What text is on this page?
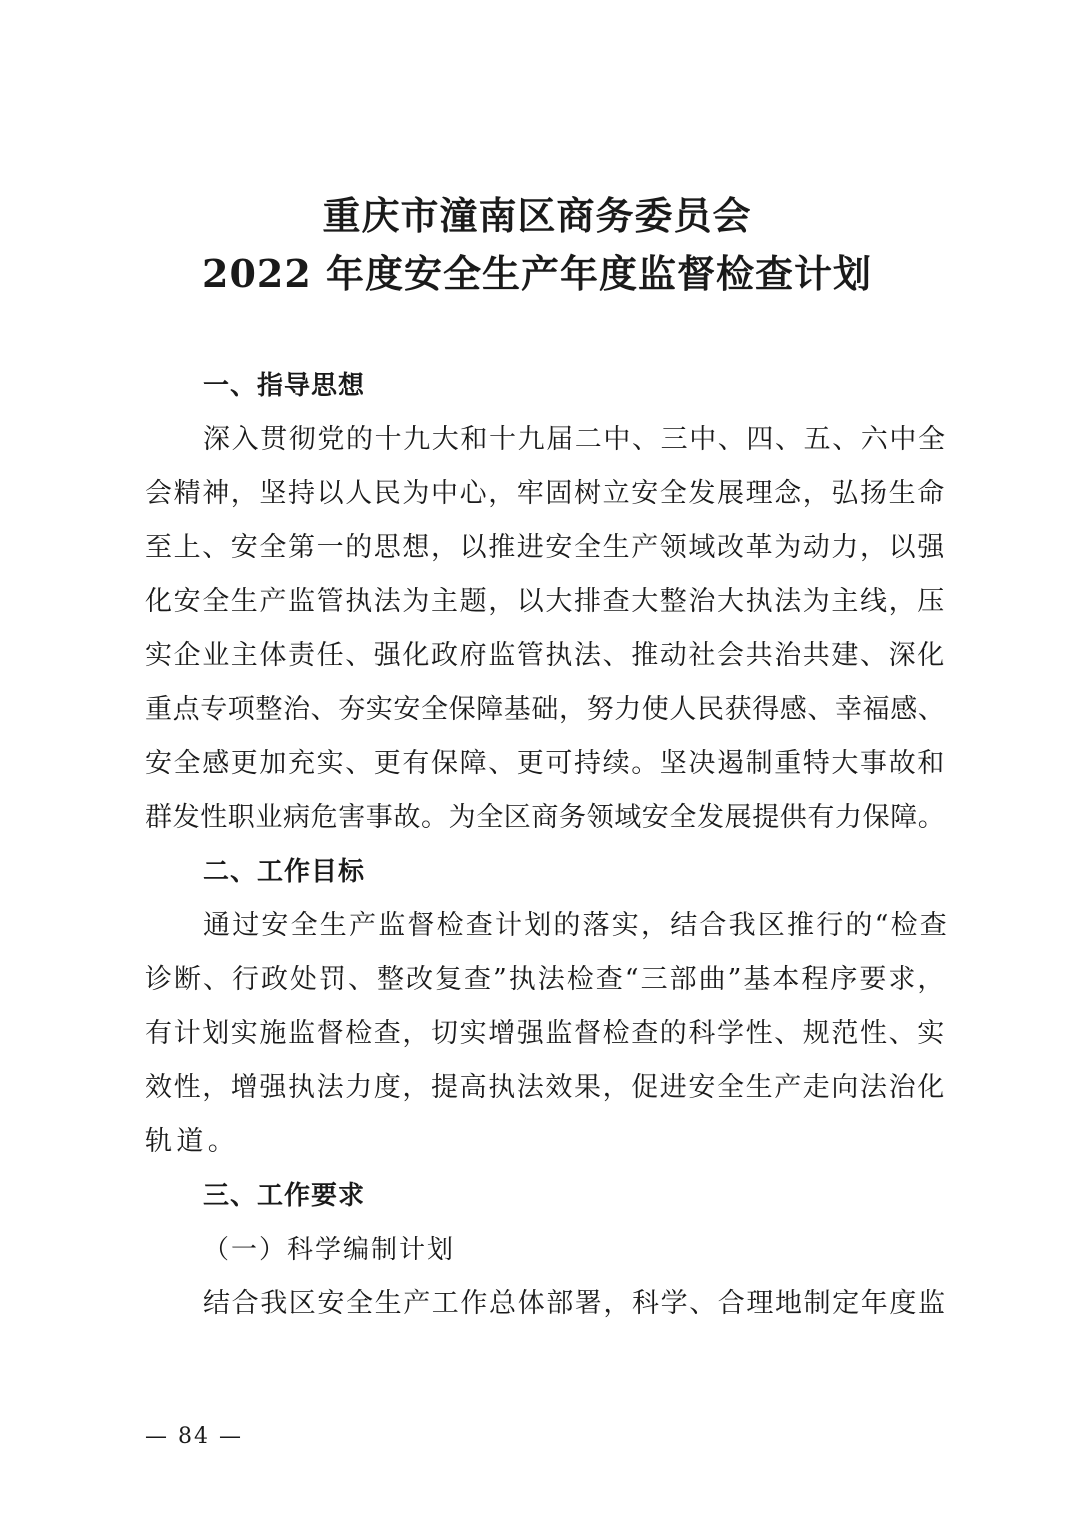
重庆市潼南区商务委员会
2022 年度安全生产年度监督检查计划
一、指导思想
深入贯彻党的十九大和十九届二中、三中、四、五、六中全
会精神，坚持以人民为中心，牢固树立安全发展理念，弘扬生命
至上、安全第一的思想，以推进安全生产领域改革为动力，以强
化安全生产监管执法为主题，以大排查大整治大执法为主线，压
实企业主体责任、强化政府监管执法、推动社会共治共建、深化
重点专项整治、夯实安全保障基础，努力使人民获得感、幸福感、
安全感更加充实、更有保障、更可持续。坚决遏制重特大事故和
群发性职业病危害事故。为全区商务领域安全发展提供有力保障。
二、工作目标
通过安全生产监督检查计划的落实，结合我区推行的“检查
诊断、行政处罚、整改复查”执法检查“三部曲”基本程序要求，
有计划实施监督检查，切实增强监督检查的科学性、规范性、实
效性，增强执法力度，提高执法效果，促进安全生产走向法治化
轨道。
三、工作要求
（一）科学编制计划
结合我区安全生产工作总体部署，科学、合理地制定年度监
— 84 —
